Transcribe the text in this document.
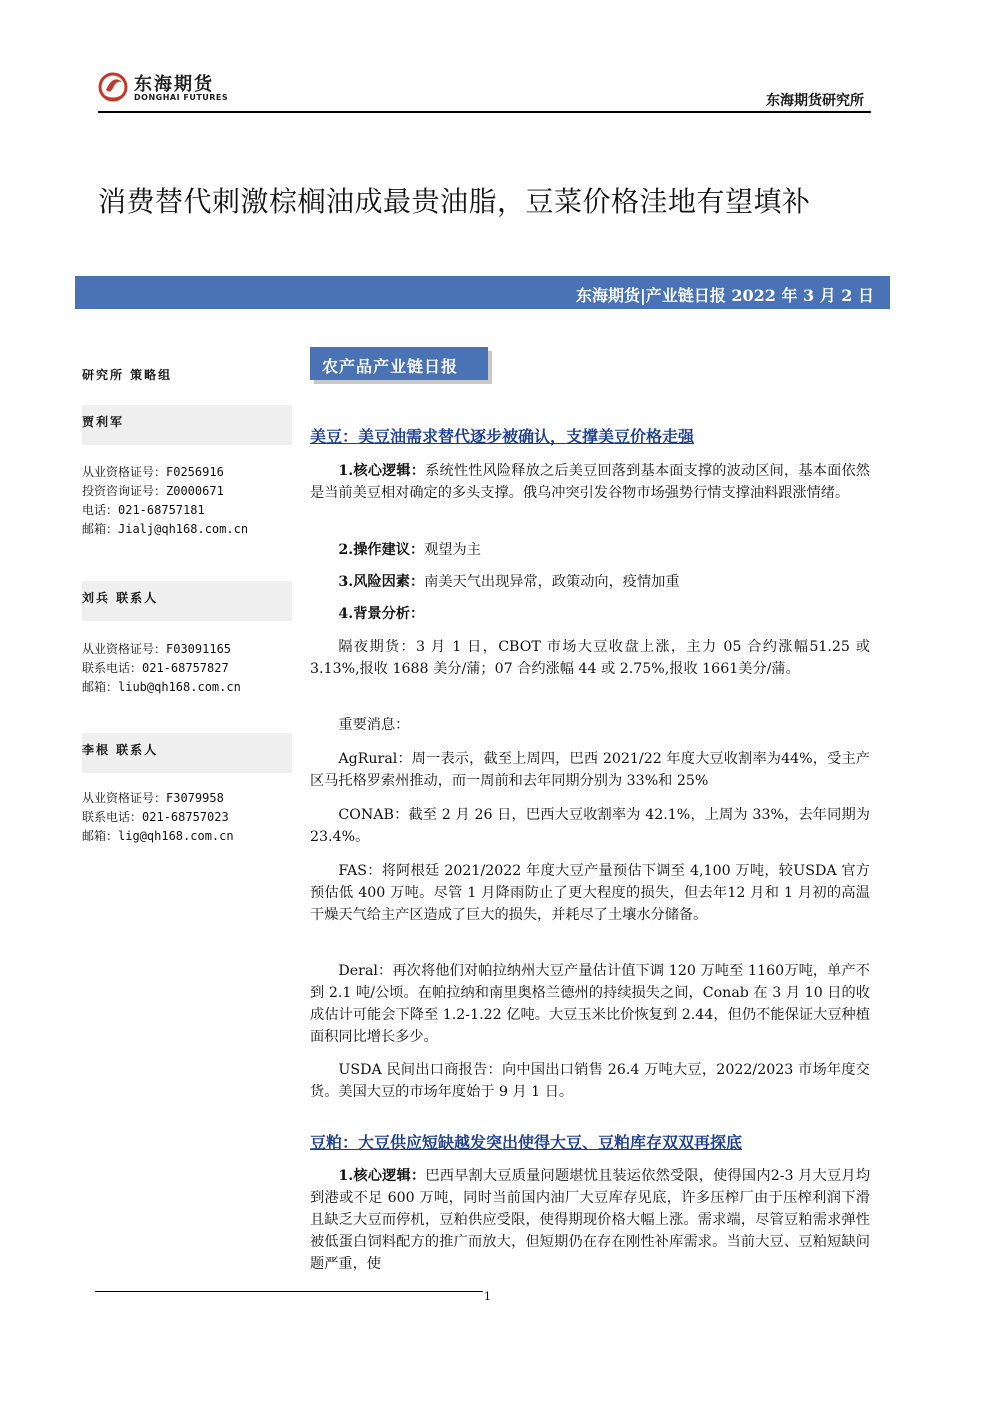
东海期货
DONGHAI FUTURES	东海期货研究所
消费替代刺激棕榈油成最贵油脂，豆菜价格洼地有望填补
东海期货|产业链日报 2022 年 3 月 2 日
研究所 策略组
贾利军
从业资格证号：F0256916
投资咨询证号：Z0000671
电话：021-68757181
邮箱：Jialj@qh168.com.cn
刘兵 联系人
从业资格证号：F03091165
联系电话：021-68757827
邮箱：liub@qh168.com.cn
李根 联系人
从业资格证号：F3079958
联系电话：021-68757023
邮箱：lig@qh168.com.cn
农产品产业链日报
美豆：美豆油需求替代逐步被确认，支撑美豆价格走强
1.核心逻辑：系统性性风险释放之后美豆回落到基本面支撑的波动区间，基本面依然是当前美豆相对确定的多头支撑。俄乌冲突引发谷物市场强势行情支撑油料跟涨情绪。
2.操作建议：观望为主
3.风险因素：南美天气出现异常，政策动向，疫情加重
4.背景分析：
隔夜期货：3 月 1 日，CBOT 市场大豆收盘上涨，主力 05 合约涨幅51.25 或 3.13%,报收 1688 美分/蒲；07 合约涨幅 44 或 2.75%,报收 1661美分/蒲。
重要消息：
AgRural：周一表示，截至上周四，巴西 2021/22 年度大豆收割率为44%，受主产区马托格罗索州推动，而一周前和去年同期分别为 33%和 25%
CONAB：截至 2 月 26 日，巴西大豆收割率为 42.1%，上周为 33%，去年同期为 23.4%。
FAS：将阿根廷 2021/2022 年度大豆产量预估下调至 4,100 万吨，较USDA 官方预估低 400 万吨。尽管 1 月降雨防止了更大程度的损失，但去年12 月和 1 月初的高温干燥天气给主产区造成了巨大的损失，并耗尽了土壤水分储备。
Deral：再次将他们对帕拉纳州大豆产量估计值下调 120 万吨至 1160万吨，单产不到 2.1 吨/公顷。在帕拉纳和南里奥格兰德州的持续损失之间，Conab 在 3 月 10 日的收成估计可能会下降至 1.2-1.22 亿吨。大豆玉米比价恢复到 2.44，但仍不能保证大豆种植面积同比增长多少。
USDA 民间出口商报告：向中国出口销售 26.4 万吨大豆，2022/2023 市场年度交货。美国大豆的市场年度始于 9 月 1 日。
豆粕：大豆供应短缺越发突出使得大豆、豆粕库存双双再探底
1.核心逻辑：巴西早割大豆质量问题堪忧且装运依然受限，使得国内2-3 月大豆月均到港或不足 600 万吨，同时当前国内油厂大豆库存见底，许多压榨厂由于压榨利润下滑且缺乏大豆而停机，豆粕供应受限，使得期现价格大幅上涨。需求端，尽管豆粕需求弹性被低蛋白饲料配方的推广而放大，但短期仍在存在刚性补库需求。当前大豆、豆粕短缺问题严重，使
1
